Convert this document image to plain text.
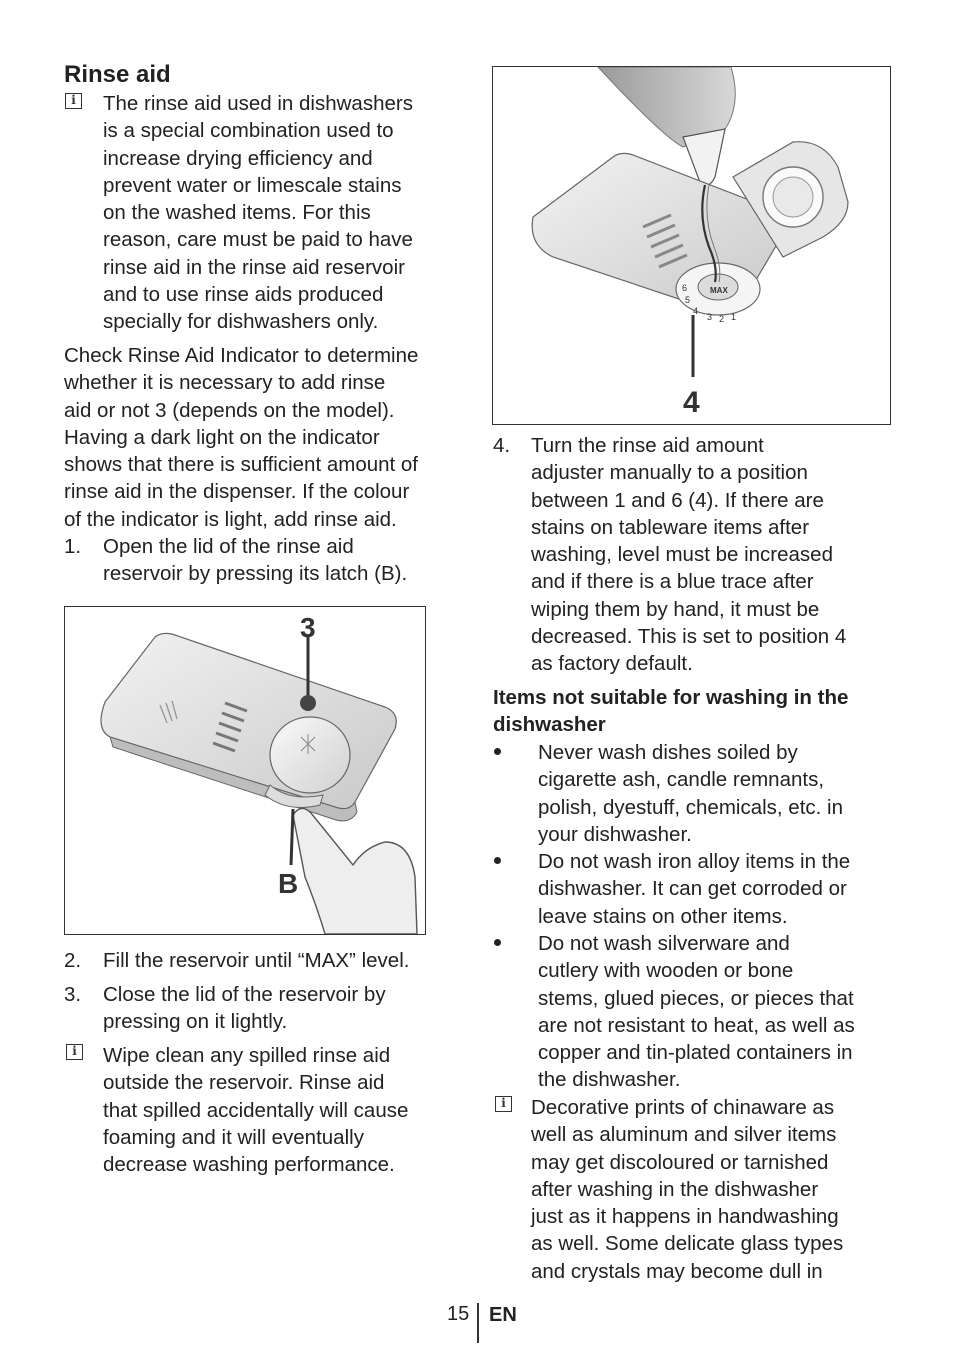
Rinse aid
i	The rinse aid used in dishwashers
is a special combination used to
increase drying efficiency and
prevent water or limescale stains
on the washed items. For this
reason, care must be paid to have
rinse aid in the rinse aid reservoir
and to use rinse aids produced
specially for dishwashers only.
Check Rinse Aid Indicator to determine
whether it is necessary to add rinse
aid or not 3 (depends on the model).
Having a dark light on the indicator
shows that there is sufficient amount of
rinse aid in the dispenser. If the colour
of the indicator is light, add rinse aid.
1. Open the lid of the rinse aid
reservoir by pressing its latch (B).
3
B
2. Fill the reservoir until “MAX” level.
3. Close the lid of the reservoir by
pressing on it lightly.
i	Wipe clean any spilled rinse aid
outside the reservoir. Rinse aid
that spilled accidentally will cause
foaming and it will eventually
decrease washing performance.
MAX
6
5
4
3 2 1
4
4. Turn the rinse aid amount
adjuster manually to a position
between 1 and 6 (4). If there are
stains on tableware items after
washing, level must be increased
and if there is a blue trace after
wiping them by hand, it must be
decreased. This is set to position 4
as factory default.
Items not suitable for washing in the
dishwasher
Never wash dishes soiled by
cigarette ash, candle remnants,
polish, dyestuff, chemicals, etc. in
your dishwasher.
Do not wash iron alloy items in the
dishwasher. It can get corroded or
leave stains on other items.
Do not wash silverware and
cutlery with wooden or bone
stems, glued pieces, or pieces that
are not resistant to heat, as well as
copper and tin-plated containers in
the dishwasher.
i	Decorative prints of chinaware as
well as aluminum and silver items
may get discoloured or tarnished
after washing in the dishwasher
just as it happens in handwashing
as well. Some delicate glass types
and crystals may become dull in
15 EN
